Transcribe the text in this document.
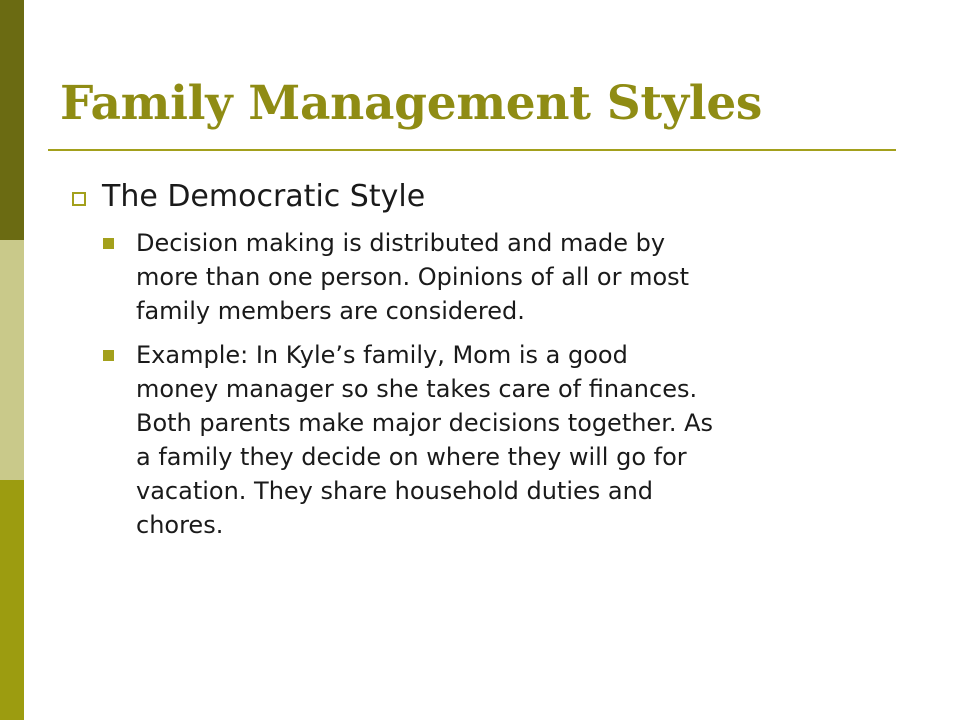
Family Management Styles
The Democratic Style
Decision making is distributed and made by
more than one person. Opinions of all or most
family members are considered.
Example: In Kyle’s family, Mom is a good
money manager so she takes care of finances.
Both parents make major decisions together. As
a family they decide on where they will go for
vacation. They share household duties and
chores.
